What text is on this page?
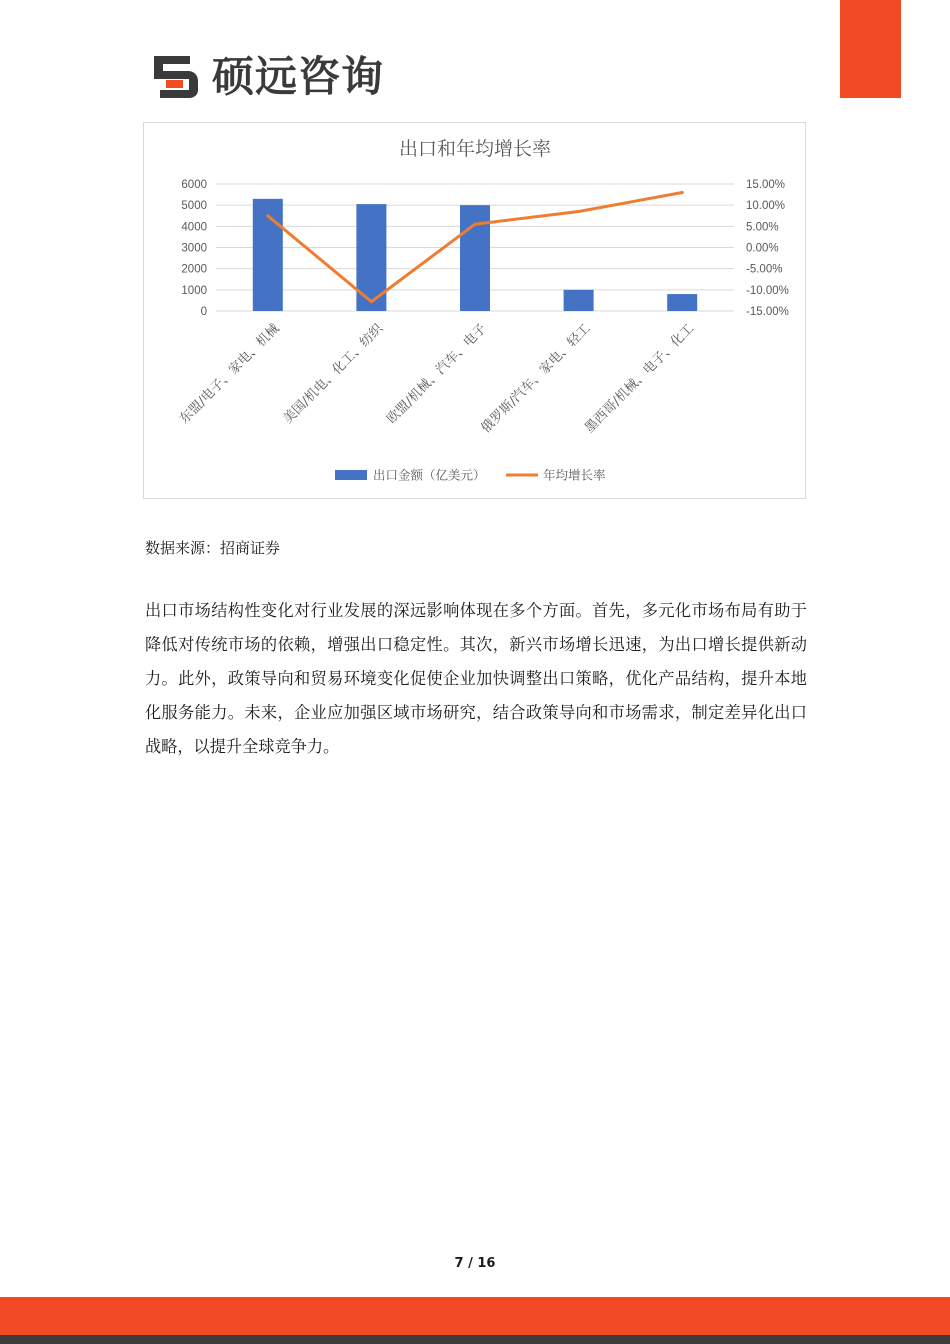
硕远咨询
出口和年均增长率
0
1000
2000
3000
4000
5000
6000
-15.00%
-10.00%
-5.00%
0.00%
5.00%
10.00%
15.00%
东盟/电子、家电、机械
美国/机电、化工、纺织
欧盟/机械、汽车、电子
俄罗斯/汽车、家电、轻工
墨西哥/机械、电子、化工
出口金额（亿美元）	年均增长率
数据来源：招商证券

出口市场结构性变化对行业发展的深远影响体现在多个方面。首先，多元化市场布局有助于降低对传统市场的依赖，增强出口稳定性。其次，新兴市场增长迅速，为出口增长提供新动力。此外，政策导向和贸易环境变化促使企业加快调整出口策略，优化产品结构，提升本地化服务能力。未来，企业应加强区域市场研究，结合政策导向和市场需求，制定差异化出口战略，以提升全球竞争力。

7 / 16
